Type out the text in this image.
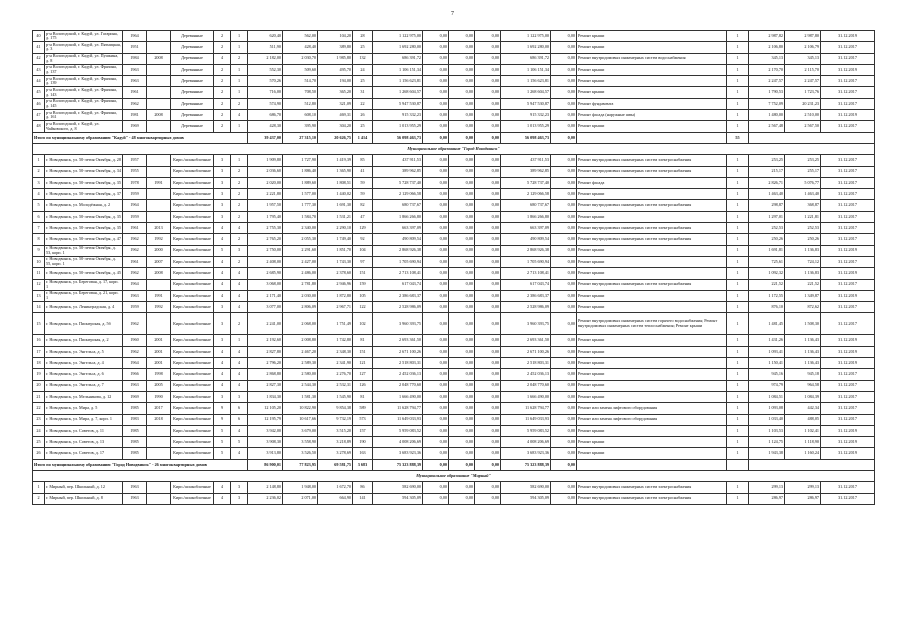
7
40	р-н Вологодский, г. Кадуй, ул. Гагарина, д. 175	1964		Деревянные	2	1	620,40	562,00	104,20	28	1 122 975,00	0,00	0,00	0,00	1 122 975,00	0,00	Ремонт крыши	1	2 987,82	2 987,80	31.12.2019
41	р-н Вологодский, г. Кадуй, ул. Пятницкая, д. 3	1951		Деревянные	2	1	511,90	428,40	389,80	25	1 692 280,00	0,00	0,00	0,00	1 692 280,00	0,00	Ремонт крыши	1	2 106,80	2 106,79	31.12.2017
42	р-н Вологодский, г. Кадуй, ул. Пушкина, д. 8	1984	2008	Деревянные	4	2	2 182,00	2 030,70	1 985,80	132	686 391,72	0,00	0,00	0,00	686 391,72	0,00	Ремонт внутридомовых инженерных систем водоснабжения	1	345,13	345,13	31.12.2017
43	р-н Вологодский, г. Кадуй, ул. Фрязина, д. 137	1963		Деревянные	2	1	552,30	509,60	495,70	24	1 106 151,34	0,00	0,00	0,00	1 106 151,34	0,00	Ремонт крыши	1	2 170,70	2 115,70	31.12.2019
44	р-н Вологодский, г. Кадуй, ул. Фрязина, д. 139	1963		Деревянные	2	1	570,26	514,70	194,00	25	1 156 623,81	0,00	0,00	0,00	1 156 623,81	0,00	Ремонт крыши	1	2 247,57	2 247,57	31.12.2017
45	р-н Вологодский, г. Кадуй, ул. Фрязина, д. 143	1961		Деревянные	2	1	716,00	708,50	365,20	31	1 268 604,57	0,00	0,00	0,00	1 268 604,57	0,00	Ремонт крыши	1	1 790,53	1 723,76	31.12.2017
46	р-н Вологодский, г. Кадуй, ул. Фрязина, д. 145	1962		Деревянные	2	2	574,90	512,80	321,09	22	5 947 530,87	0,00	0,00	0,00	5 947 530,87	0,00	Ремонт фундамента	1	7 752,09	20 231,23	31.12.2017
47	р-н Вологодский, г. Кадуй, ул. Фрязина, д. 161	1981	2008	Деревянные	2	4	686,70	608,10	469,31	26	915 332,23	0,00	0,00	0,00	915 332,23	0,00	Ремонт фасада (наружные швы)	1	1 480,00	2 510,00	31.12.2019
48	р-н Вологодский, г. Кадуй, ул. Чайковского, д. 8	1969		Деревянные	2	1	428,30	395,90	304,20	25	1 013 955,29	0,00	0,00	0,00	1 013 955,29	0,00	Ремонт крыши	1	2 567,48	2 567,50	31.12.2017
Итого по муниципальному образованию "Кадуй" - 48 многоквартирных домов							39 437,00	27 315,10	20 626,75	1 414	56 098 463,73	0,00	0,00	0,00	56 098 463,73	0,00		55			
Муниципальное образование "Город Новодвинск"																					
1	г. Новодвинск, ул. 50-летия Октября, д. 28	1957		Кирп./шлакоблочные	3	1	1 909,80	1 727,90	1 419,39	85	437 911,53	0,00	0,00	0,00	437 911,53	0,00	Ремонт внутридомовых инженерных систем электроснабжения	1	253,25	253,25	31.12.2017
2	г. Новодвинск, ул. 50-летия Октября, д. 34	1955		Кирп./шлакоблочные	3	2	2 036,60	1 886,40	1 365,90	41	389 962,85	0,00	0,00	0,00	389 962,85	0,00	Ремонт внутридомовых инженерных систем электроснабжения	1	215,17	255,17	31.12.2017
3	г. Новодвинск, ул. 50-летия Октября, д. 35	1978	1991	Кирп./шлакоблочные	3	2	2 020,00	1 889,60	1 808,51	59	5 728 737,40	0,00	0,00	0,00	5 728 737,40	0,00	Ремонт фасада	1	2 826,71	5 076,77	31.12.2017
4	г. Новодвинск, ул. 50-летия Октября, д. 37	1959		Кирп./шлакоблочные	3	2	2 221,80	1 577,00	1 440,02	59	2 129 066,58	0,00	0,00	0,00	2 129 066,58	0,00	Ремонт крыши	1	1 463,40	1 463,40	31.12.2017
5	г. Новодвинск, ул. Молодёжная, д. 2	1964		Кирп./шлакоблочные	3	2	1 957,50	1 777,30	1 691,30	82	680 737,67	0,00	0,00	0,00	680 737,67	0,00	Ремонт внутридомовых инженерных систем электроснабжения	1	298,87	368,87	31.12.2017
6	г. Новодвинск, ул. 50-летия Октября, д. 35	1959		Кирп./шлакоблочные	3	2	1 795,40	1 584,70	1 531,21	47	1 866 266,80	0,00	0,00	0,00	1 866 266,80	0,00	Ремонт крыши	1	1 297,01	1 221,81	31.12.2017
7	г. Новодвинск, ул. 50-летия Октября, д. 35	1961	2013	Кирп./шлакоблочные	4	4	2 755,30	2 340,00	2 290,10	129	663 397,09	0,00	0,00	0,00	663 397,09	0,00	Ремонт внутридомовых инженерных систем электроснабжения	1	252,53	252,53	31.12.2017
8	г. Новодвинск, ул. 50-летия Октября, д. 47	1962	1992	Кирп./шлакоблочные	4	2	2 765,20	2 055,30	1 749,40	92	490 809,54	0,00	0,00	0,00	490 809,54	0,00	Ремонт внутридомовых инженерных систем электроснабжения	1	250,26	250,26	31.12.2017
9	г. Новодвинск, ул. 50-летия Октября, д. 53, корп. 1	1962	2000	Кирп./шлакоблочные	5	3	2 750,00	2 291,60	1 851,70	104	2 868 926,38	0,00	0,00	0,00	2 868 926,38	0,00	Ремонт крыши	1	1 691,81	1 136,83	31.12.2019
10	г. Новодвинск, ул. 50-летия Октября, д. 55, корп. 1	1961	2007	Кирп./шлакоблочные	4	2	2 408,00	2 427,00	1 743,30	97	1 705 690,94	0,00	0,00	0,00	1 705 690,94	0,00	Ремонт крыши	1	725,61	724,12	31.12.2017
11	г. Новодвинск, ул. 50-летия Октября, д. 45	1962	2008	Кирп./шлакоблочные	4	4	2 685,90	2 486,00	2 378,60	151	2 713 108,41	0,00	0,00	0,00	2 713 108,41	0,00	Ремонт крыши	1	1 092,32	1 136,83	31.12.2019
12	г. Новодвинск, ул. Береговая, д. 17, корп. 1	1964		Кирп./шлакоблочные	4	4	3 068,00	2 781,80	2 946,96	159	617 043,74	0,00	0,00	0,00	617 043,74	0,00	Ремонт внутридомовых инженерных систем электроснабжения	1	221,52	221,52	31.12.2017
13	г. Новодвинск, ул. Береговая, д. 21, корп. 1	1963	1991	Кирп./шлакоблочные	4	4	2 171,40	2 030,00	1 872,80	105	2 386 683,37	0,00	0,00	0,00	2 386 683,37	0,00	Ремонт крыши	1	1 172,55	1 349,87	31.12.2019
14	г. Новодвинск, ул. Ленинградская, д. 4	1959	1992	Кирп./шлакоблочные	3	4	3 077,00	2 806,09	2 967,71	122	2 528 986,09	0,00	0,00	0,00	2 528 986,09	0,00	Ремонт крыши	1	876,10	872,62	31.12.2017
15	г. Новодвинск, ул. Пионерская, д. 5б	1962		Кирп./шлакоблочные	3	2	2 241,00	2 068,00	1 751,49	102	3 960 393,75	0,00	0,00	0,00	3 960 393,75	0,00	Ремонт внутридомовых инженерных систем горячего водоснабжения; Ремонт внутридомовых инженерных систем теплоснабжения; Ремонт крыши	1	1 481,45	1 508,30	31.12.2017
16	г. Новодвинск, ул. Пионерская, д. 2	1960	2001	Кирп./шлакоблочные	3	1	2 192,60	2 008,80	1 742,80	81	2 693 361,50	0,00	0,00	0,00	2 693 361,50	0,00	Ремонт крыши	1	1 431,26	1 136,43	31.12.2019
17	г. Новодвинск, ул. Энгельса, д. 5	1962	2001	Кирп./шлакоблочные	4	4	2 827,80	2 467,20	2 348,30	151	2 671 100,26	0,00	0,00	0,00	2 671 100,26	0,00	Ремонт крыши	1	1 093,41	1 136,43	31.12.2019
18	г. Новодвинск, ул. Энгельса, д. 4	1964	2001	Кирп./шлакоблочные	4	4	2 796,20	2 589,30	2 341,90	121	2 518 803,31	0,00	0,00	0,00	2 518 803,31	0,00	Ремонт крыши	1	1 150,41	1 136,43	31.12.2019
19	г. Новодвинск, ул. Энгельса, д. 6	1966	1998	Кирп./шлакоблочные	4	4	2 868,80	2 580,00	2 276,70	127	2 452 036,13	0,00	0,00	0,00	2 452 036,13	0,00	Ремонт крыши	1	945,16	945,18	31.12.2017
20	г. Новодвинск, ул. Энгельса, д. 7	1963	2005	Кирп./шлакоблочные	4	4	2 827,30	2 544,30	2 532,31	126	2 048 770,60	0,00	0,00	0,00	2 048 770,60	0,00	Ремонт крыши	1	974,79	964,58	31.12.2017
21	г. Новодвинск, ул. Мельникова, д. 12	1969	1990	Кирп./шлакоблочные	3	3	1 834,30	1 581,30	1 545,90	81	1 666 490,00	0,00	0,00	0,00	1 666 490,00	0,00	Ремонт крыши	1	1 084,51	1 084,39	31.12.2017
22	г. Новодвинск, ул. Мира, д. 5	1985	2017	Кирп./шлакоблочные	9	6	12 105,20	10 822,90	9 854,38	589	11 628 794,77	0,00	0,00	0,00	11 628 794,77	0,00	Ремонт или замена лифтового оборудования	1	1 093,08	442,34	31.12.2017
23	г. Новодвинск, ул. Мира, д. 7, корп. 1	1983	2018	Кирп./шлакоблочные	9	6	12 195,79	10 617,66	9 732,19	573	11 649 033,93	0,00	0,00	0,00	11 649 033,93	0,00	Ремонт или замена лифтового оборудования	1	1 033,40	488,05	31.12.2017
24	г. Новодвинск, ул. Советов, д. 11	1985		Кирп./шлакоблочные	5	4	3 942,00	3 679,00	3 515,20	157	5 959 083,52	0,00	0,00	0,00	5 959 083,52	0,00	Ремонт крыши	1	1 103,53	1 102,41	31.12.2019
25	г. Новодвинск, ул. Советов, д. 13	1985		Кирп./шлакоблочные	5	5	3 908,30	3 558,90	3 218,89	190	4 008 206,69	0,00	0,00	0,00	4 008 206,69	0,00	Ремонт крыши	1	1 124,75	1 118,90	31.12.2019
26	г. Новодвинск, ул. Советов, д. 17	1985		Кирп./шлакоблочные	5	4	3 913,80	3 526,50	3 278,69	163	3 683 923,36	0,00	0,00	0,00	3 683 923,36	0,00	Ремонт крыши	1	1 943,38	1 160,24	31.12.2019
Итого по муниципальному образованию "Город Новодвинск" - 26 многоквартирных домов							86 900,01	77 823,95	69 581,75	3 683	75 323 888,39	0,00	0,00	0,00	75 323 888,39	0,00					
Муниципальное образование "Мирный"																					
1	г. Мирный, пер. Школьный, д. 12	1963		Кирп./шлакоблочные	4	3	2 148,80	1 948,00	1 672,70	86	582 690,00	0,00	0,00	0,00	582 690,00	0,00	Ремонт внутридомовых инженерных систем электроснабжения	1	299,13	299,13	31.12.2017
2	г. Мирный, пер. Школьный, д. 8	1963		Кирп./шлакоблочные	4	3	2 236,02	2 071,00	664,90	141	594 305,09	0,00	0,00	0,00	594 305,09	0,00	Ремонт внутридомовых инженерных систем электроснабжения	1	286,97	286,97	31.12.2017
